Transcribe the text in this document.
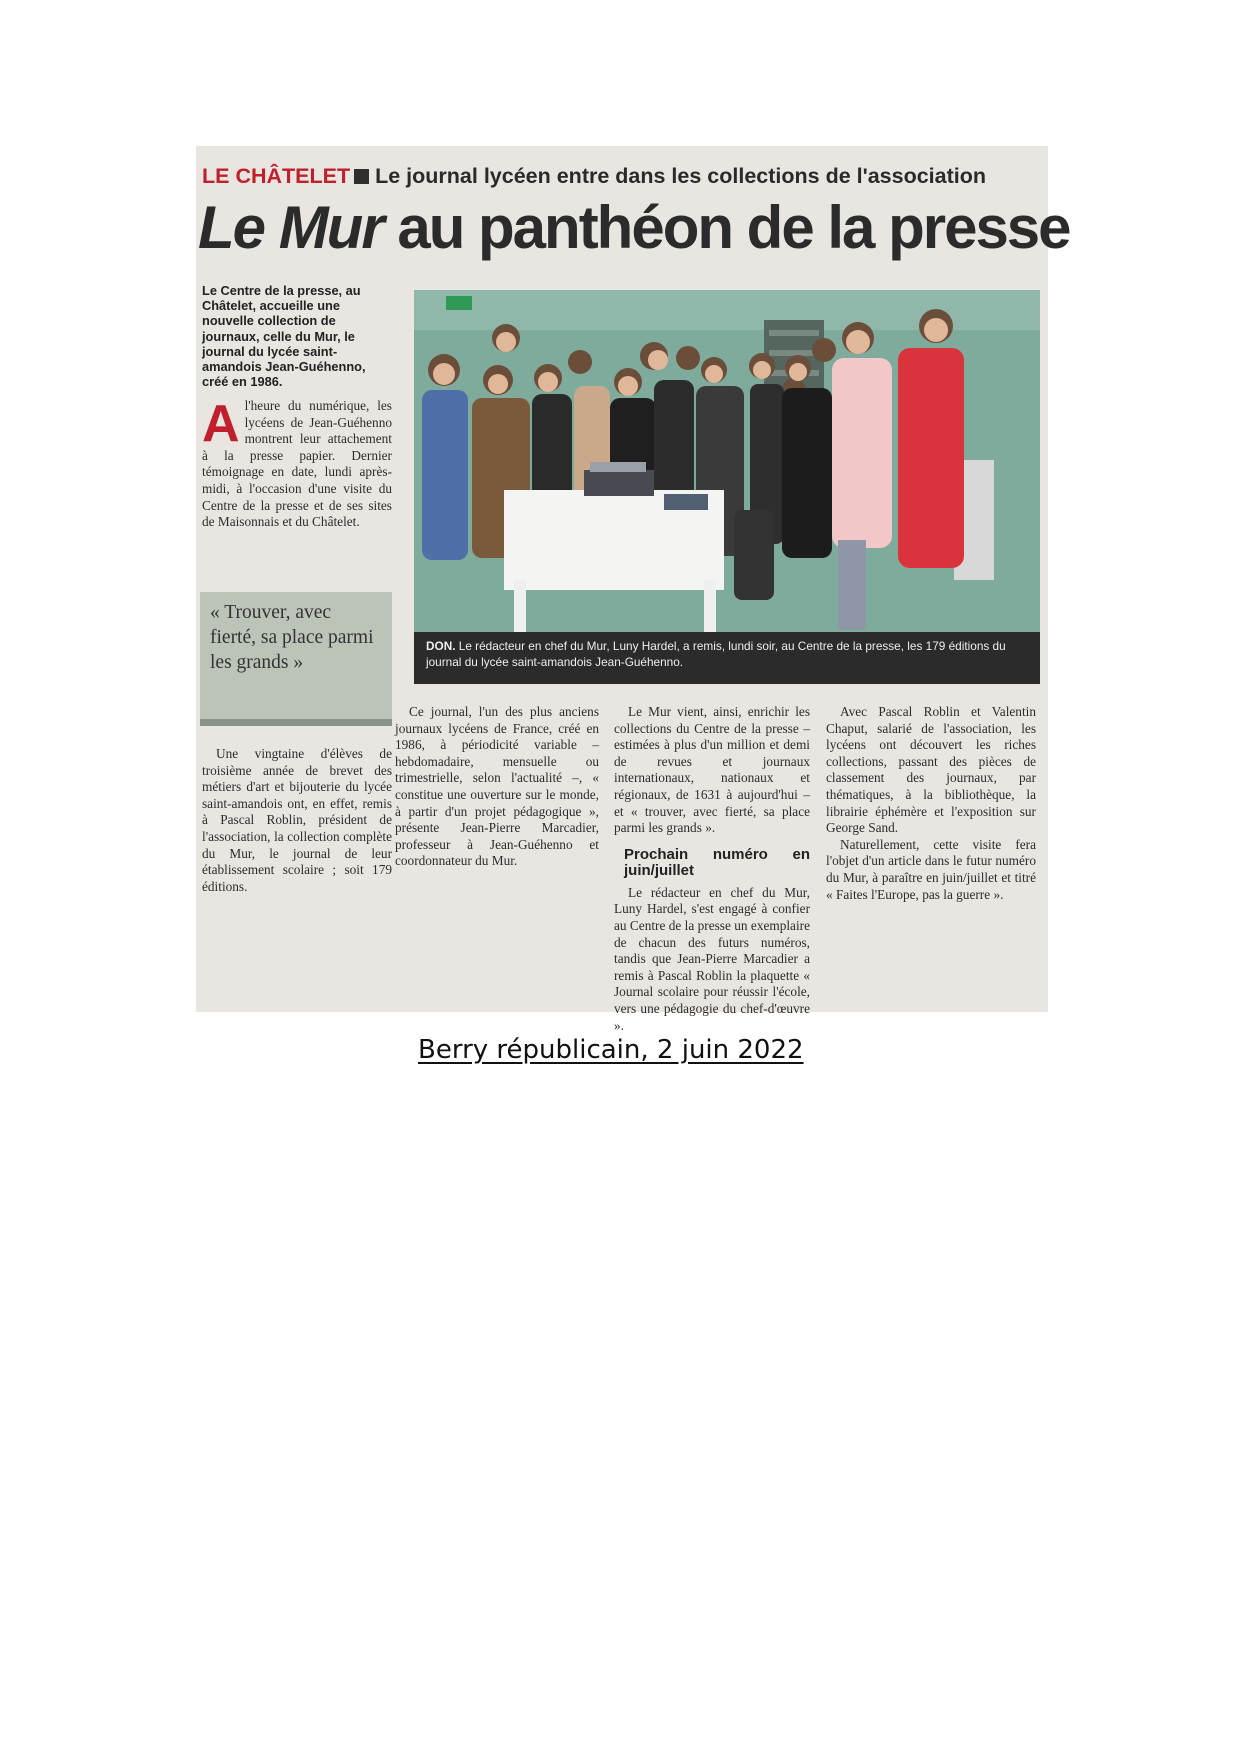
LE CHÂTELET Le journal lycéen entre dans les collections de l'association
Le Mur au panthéon de la presse
Le Centre de la presse, au Châtelet, accueille une nouvelle collection de journaux, celle du Mur, le journal du lycée saint-amandois Jean-Guéhenno, créé en 1986.

Al'heure du numérique, les lycéens de Jean-Guéhenno montrent leur attachement à la presse papier. Dernier témoignage en date, lundi après-midi, à l'occasion d'une visite du Centre de la presse et de ses sites de Maisonnais et du Châtelet.

« Trouver, avec fierté, sa place parmi les grands »

Une vingtaine d'élèves de troisième année de brevet des métiers d'art et bijouterie du lycée saint-amandois ont, en effet, remis à Pascal Roblin, président de l'association, la collection complète du Mur, le journal de leur établissement scolaire ; soit 179 éditions.

Ce journal, l'un des plus anciens journaux lycéens de France, créé en 1986, à périodicité variable – hebdomadaire, mensuelle ou trimestrielle, selon l'actualité –, « constitue une ouverture sur le monde, à partir d'un projet pédagogique », présente Jean-Pierre Marcadier, professeur à Jean-Guéhenno et coordonnateur du Mur.

Le Mur vient, ainsi, enrichir les collections du Centre de la presse – estimées à plus d'un million et demi de revues et journaux internationaux, nationaux et régionaux, de 1631 à aujourd'hui – et « trouver, avec fierté, sa place parmi les grands ».

Prochain numéro en juin/juillet

Le rédacteur en chef du Mur, Luny Hardel, s'est engagé à confier au Centre de la presse un exemplaire de chacun des futurs numéros, tandis que Jean-Pierre Marcadier a remis à Pascal Roblin la plaquette « Journal scolaire pour réussir l'école, vers une pédagogie du chef-d'œuvre ».

Avec Pascal Roblin et Valentin Chaput, salarié de l'association, les lycéens ont découvert les riches collections, passant des pièces de classement des journaux, par thématiques, à la bibliothèque, la librairie éphémère et l'exposition sur George Sand.

Naturellement, cette visite fera l'objet d'un article dans le futur numéro du Mur, à paraître en juin/juillet et titré « Faites l'Europe, pas la guerre ».

DON. Le rédacteur en chef du Mur, Luny Hardel, a remis, lundi soir, au Centre de la presse, les 179 éditions du journal du lycée saint-amandois Jean-Guéhenno.
Berry républicain, 2 juin 2022
